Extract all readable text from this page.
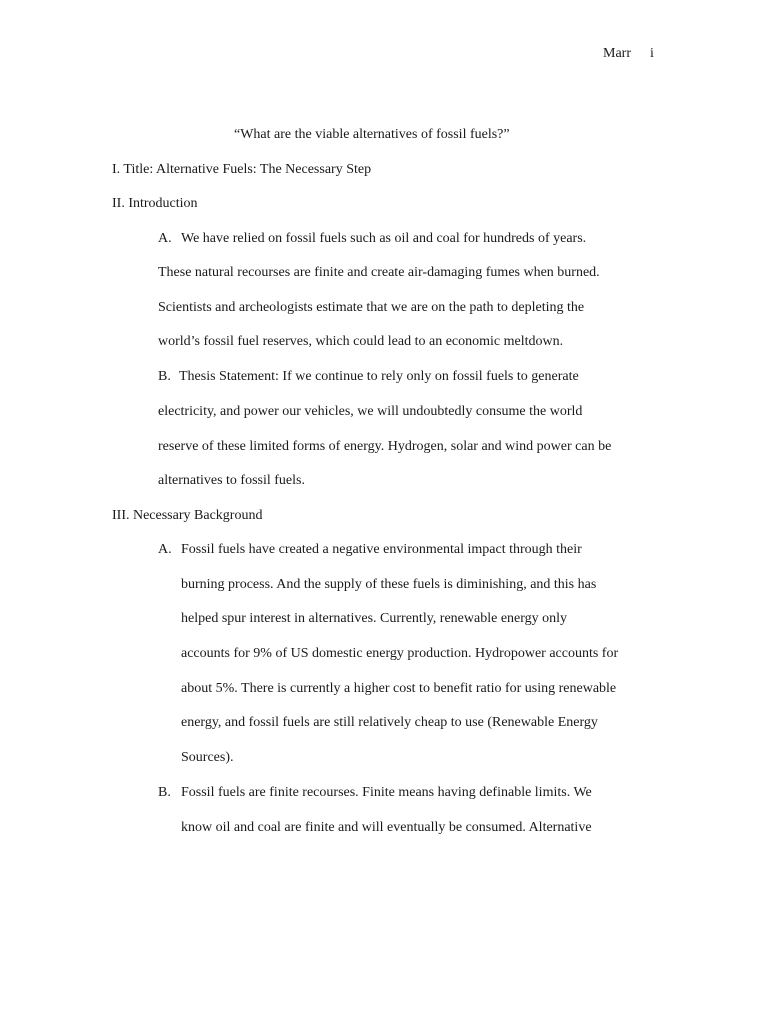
Marr i
“What are the viable alternatives of fossil fuels?”
I. Title: Alternative Fuels: The Necessary Step
II. Introduction
A. We have relied on fossil fuels such as oil and coal for hundreds of years.
These natural recourses are finite and create air-damaging fumes when burned.
Scientists and archeologists estimate that we are on the path to depleting the
world’s fossil fuel reserves, which could lead to an economic meltdown.
B. Thesis Statement: If we continue to rely only on fossil fuels to generate
electricity, and power our vehicles, we will undoubtedly consume the world
reserve of these limited forms of energy. Hydrogen, solar and wind power can be
alternatives to fossil fuels.
III. Necessary Background
A. Fossil fuels have created a negative environmental impact through their
burning process. And the supply of these fuels is diminishing, and this has
helped spur interest in alternatives. Currently, renewable energy only
accounts for 9% of US domestic energy production. Hydropower accounts for
about 5%. There is currently a higher cost to benefit ratio for using renewable
energy, and fossil fuels are still relatively cheap to use (Renewable Energy
Sources).
B. Fossil fuels are finite recourses. Finite means having definable limits. We
know oil and coal are finite and will eventually be consumed. Alternative
